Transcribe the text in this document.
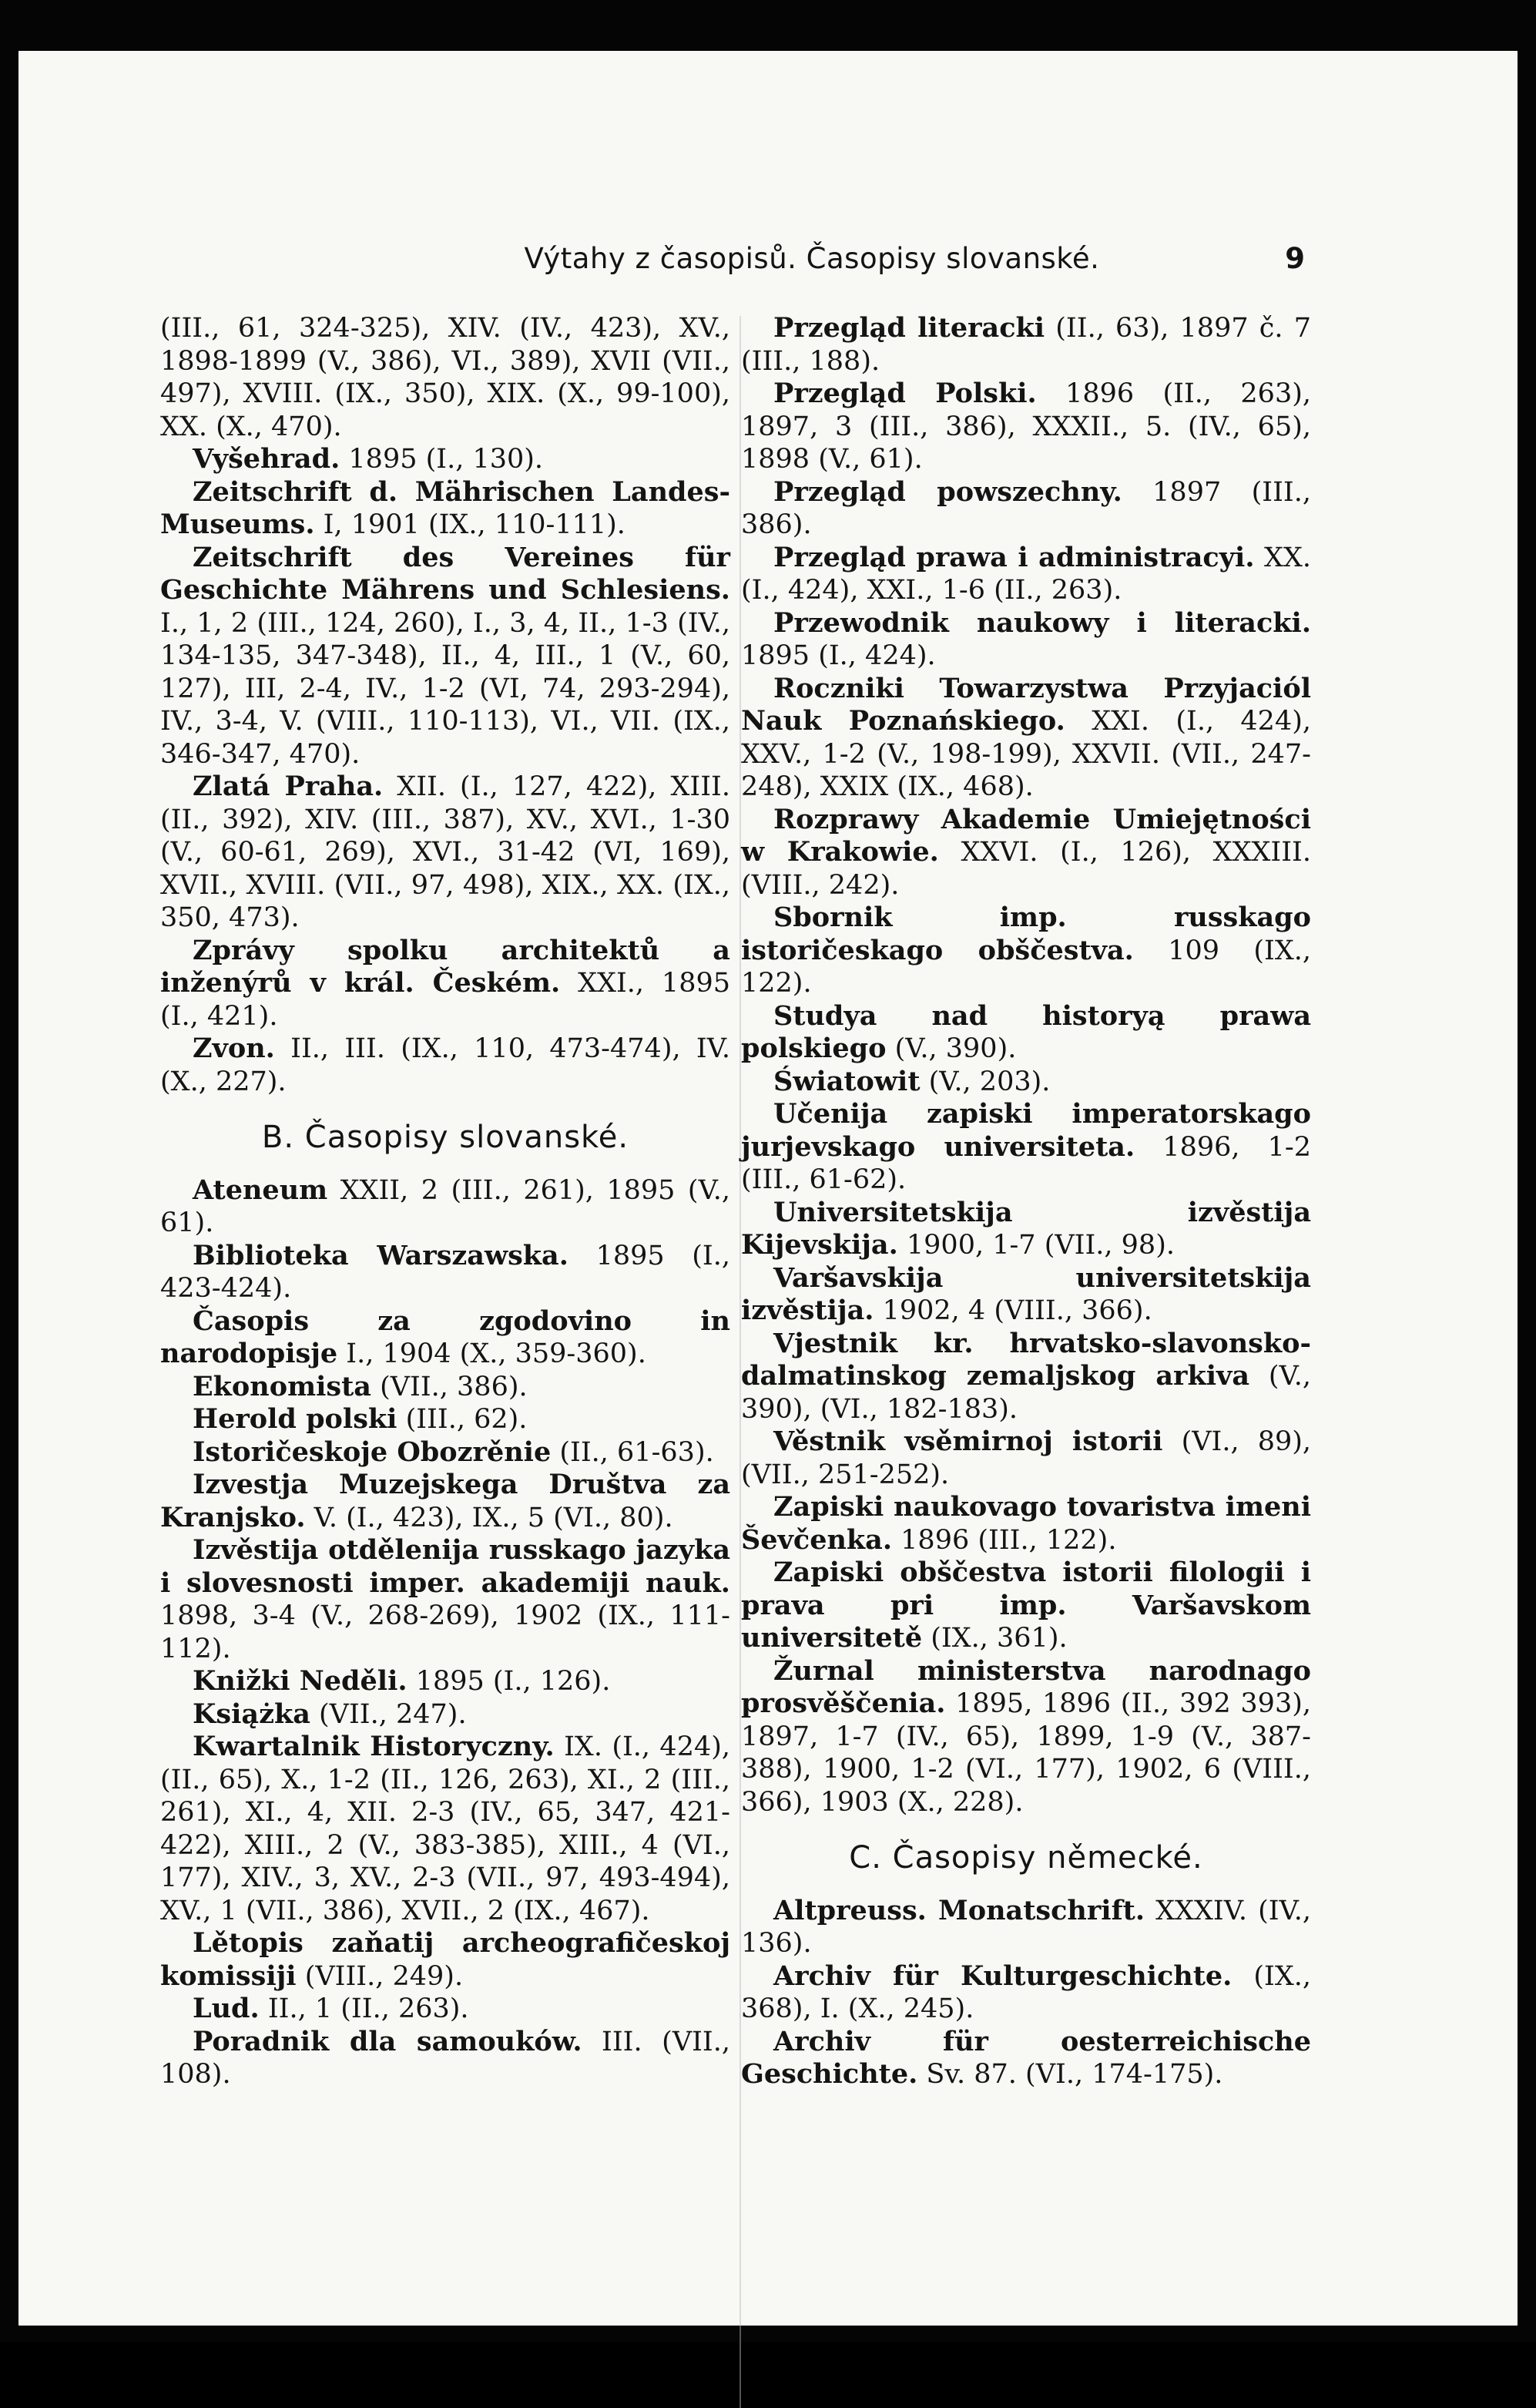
Výtahy z časopisů. Časopisy slovanské.	9

(III., 61, 324-325), XIV. (IV., 423), XV., 1898-1899 (V., 386), VI., 389), XVII (VII., 497), XVIII. (IX., 350), XIX. (X., 99-100), XX. (X., 470).

Vyšehrad. 1895 (I., 130).

Zeitschrift d. Mährischen Landes-Museums. I, 1901 (IX., 110-111).

Zeitschrift des Vereines für Geschichte Mährens und Schlesiens. I., 1, 2 (III., 124, 260), I., 3, 4, II., 1-3 (IV., 134-135, 347-348), II., 4, III., 1 (V., 60, 127), III, 2-4, IV., 1-2 (VI, 74, 293-294), IV., 3-4, V. (VIII., 110-113), VI., VII. (IX., 346-347, 470).

Zlatá Praha. XII. (I., 127, 422), XIII. (II., 392), XIV. (III., 387), XV., XVI., 1-30 (V., 60-61, 269), XVI., 31-42 (VI, 169), XVII., XVIII. (VII., 97, 498), XIX., XX. (IX., 350, 473).

Zprávy spolku architektů a inženýrů v král. Českém. XXI., 1895 (I., 421).

Zvon. II., III. (IX., 110, 473-474), IV. (X., 227).

B. Časopisy slovanské.

Ateneum XXII, 2 (III., 261), 1895 (V., 61).

Biblioteka Warszawska. 1895 (I., 423-424).

Časopis za zgodovino in narodopisje I., 1904 (X., 359-360).

Ekonomista (VII., 386).

Herold polski (III., 62).

Istoričeskoje Obozrěnie (II., 61-63).

Izvestja Muzejskega Društva za Kranjsko. V. (I., 423), IX., 5 (VI., 80).

Izvěstija otdělenija russkago jazyka i slovesnosti imper. akademiji nauk. 1898, 3-4 (V., 268-269), 1902 (IX., 111-112).

Knižki Neděli. 1895 (I., 126).

Książka (VII., 247).

Kwartalnik Historyczny. IX. (I., 424), (II., 65), X., 1-2 (II., 126, 263), XI., 2 (III., 261), XI., 4, XII. 2-3 (IV., 65, 347, 421-422), XIII., 2 (V., 383-385), XIII., 4 (VI., 177), XIV., 3, XV., 2-3 (VII., 97, 493-494), XV., 1 (VII., 386), XVII., 2 (IX., 467).

Lětopis zaňatij archeografičeskoj komissiji (VIII., 249).

Lud. II., 1 (II., 263).

Poradnik dla samouków. III. (VII., 108).

Przegląd literacki (II., 63), 1897 č. 7 (III., 188).

Przegląd Polski. 1896 (II., 263), 1897, 3 (III., 386), XXXII., 5. (IV., 65), 1898 (V., 61).

Przegląd powszechny. 1897 (III., 386).

Przegląd prawa i administracyi. XX. (I., 424), XXI., 1-6 (II., 263).

Przewodnik naukowy i literacki. 1895 (I., 424).

Roczniki Towarzystwa Przyjaciól Nauk Poznańskiego. XXI. (I., 424), XXV., 1-2 (V., 198-199), XXVII. (VII., 247-248), XXIX (IX., 468).

Rozprawy Akademie Umiejętności w Krakowie. XXVI. (I., 126), XXXIII. (VIII., 242).

Sbornik imp. russkago istoričeskago obščestva. 109 (IX., 122).

Studya nad historyą prawa polskiego (V., 390).

Światowit (V., 203).

Učenija zapiski imperatorskago jurjevskago universiteta. 1896, 1-2 (III., 61-62).

Universitetskija izvěstija Kijevskija. 1900, 1-7 (VII., 98).

Varšavskija universitetskija izvěstija. 1902, 4 (VIII., 366).

Vjestnik kr. hrvatsko-slavonsko-dalmatinskog zemaljskog arkiva (V., 390), (VI., 182-183).

Věstnik vsěmirnoj istorii (VI., 89), (VII., 251-252).

Zapiski naukovago tovaristva imeni Ševčenka. 1896 (III., 122).

Zapiski obščestva istorii filologii i prava pri imp. Varšavskom universitetě (IX., 361).

Žurnal ministerstva narodnago prosvěščenia. 1895, 1896 (II., 392 393), 1897, 1-7 (IV., 65), 1899, 1-9 (V., 387-388), 1900, 1-2 (VI., 177), 1902, 6 (VIII., 366), 1903 (X., 228).

C. Časopisy německé.

Altpreuss. Monatschrift. XXXIV. (IV., 136).

Archiv für Kulturgeschichte. (IX., 368), I. (X., 245).

Archiv für oesterreichische Geschichte. Sv. 87. (VI., 174-175).
